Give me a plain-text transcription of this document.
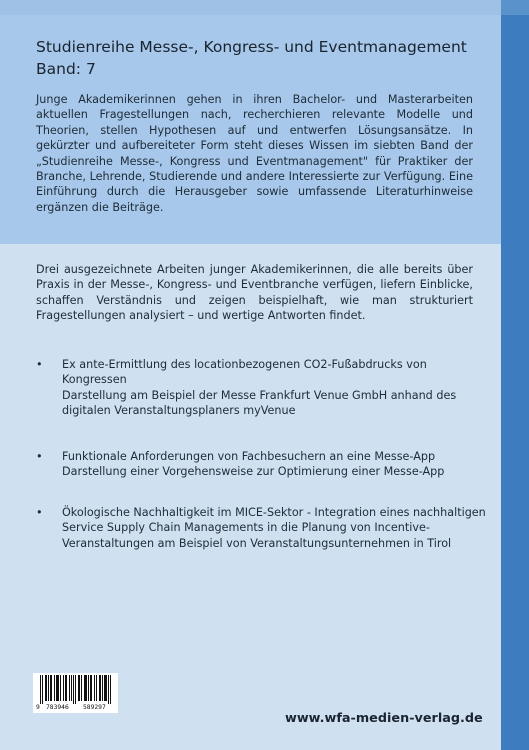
Studienreihe Messe-, Kongress- und Eventmanagement
Band: 7
Junge Akademikerinnen gehen in ihren Bachelor- und Masterarbeiten aktuellen Fragestellungen nach, recherchieren relevante Modelle und Theorien, stellen Hypothesen auf und entwerfen Lösungsansätze. In gekürzter und aufbereiteter Form steht dieses Wissen im siebten Band der „Studienreihe Messe-, Kongress und Eventmanagement" für Praktiker der Branche, Lehrende, Studierende und andere Interessierte zur Verfügung. Eine Einführung durch die Herausgeber sowie umfassende Literaturhinweise ergänzen die Beiträge.
Drei ausgezeichnete Arbeiten junger Akademikerinnen, die alle bereits über Praxis in der Messe-, Kongress- und Eventbranche verfügen, liefern Einblicke, schaffen Verständnis und zeigen beispielhaft, wie man strukturiert Fragestellungen analysiert – und wertige Antworten findet.
•	Ex ante-Ermittlung des locationbezogenen CO2-Fußabdrucks von Kongressen
Darstellung am Beispiel der Messe Frankfurt Venue GmbH anhand des digitalen Veranstaltungsplaners myVenue
•	Funktionale Anforderungen von Fachbesuchern an eine Messe-App
Darstellung einer Vorgehensweise zur Optimierung einer Messe-App
•	Ökologische Nachhaltigkeit im MICE-Sektor - Integration eines nachhaltigen Service Supply Chain Managements in die Planung von Incentive-Veranstaltungen am Beispiel von Veranstaltungsunternehmen in Tirol
9 783946 589297
www.wfa-medien-verlag.de
